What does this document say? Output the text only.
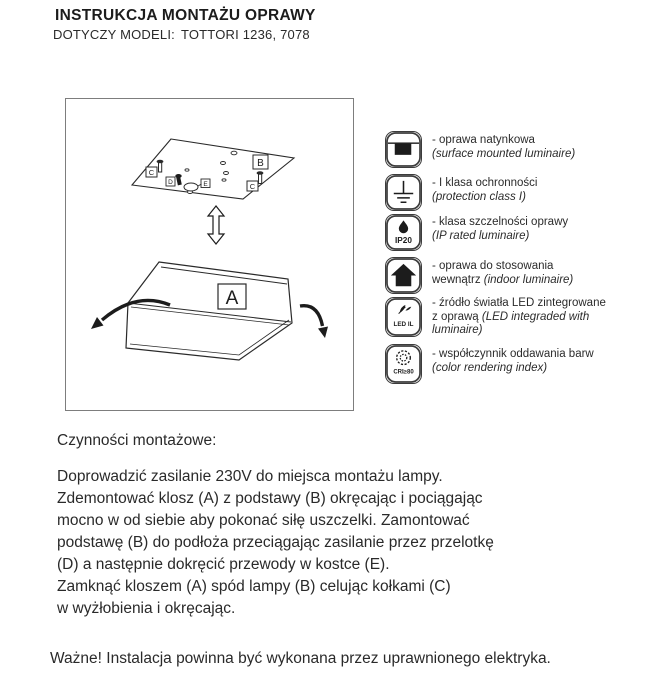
INSTRUKCJA MONTAŻU OPRAWY
DOTYCZY MODELI: TOTTORI 1236, 7078
B
C
C
D	E
A
- oprawa natynkowa
(surface mounted luminaire)
- I klasa ochronności
(protection class I)
IP20
- klasa szczelności oprawy
(IP rated luminaire)
- oprawa do stosowania
wewnątrz (indoor luminaire)
LED IL
- źródło światła LED zintegrowane
z oprawą (LED integraded with
luminaire)
CRI≥80
- współczynnik oddawania barw
(color rendering index)
Czynności montażowe:
Doprowadzić zasilanie 230V do miejsca montażu lampy.
Zdemontować klosz (A) z podstawy (B) okręcając i pociągając
mocno w od siebie aby pokonać siłę uszczelki. Zamontować
podstawę (B) do podłoża przeciągając zasilanie przez przelotkę
(D) a następnie dokręcić przewody w kostce (E).
Zamknąć kloszem (A) spód lampy (B) celując kołkami (C)
w wyżłobienia i okręcając.
Ważne! Instalacja powinna być wykonana przez uprawnionego elektryka.
